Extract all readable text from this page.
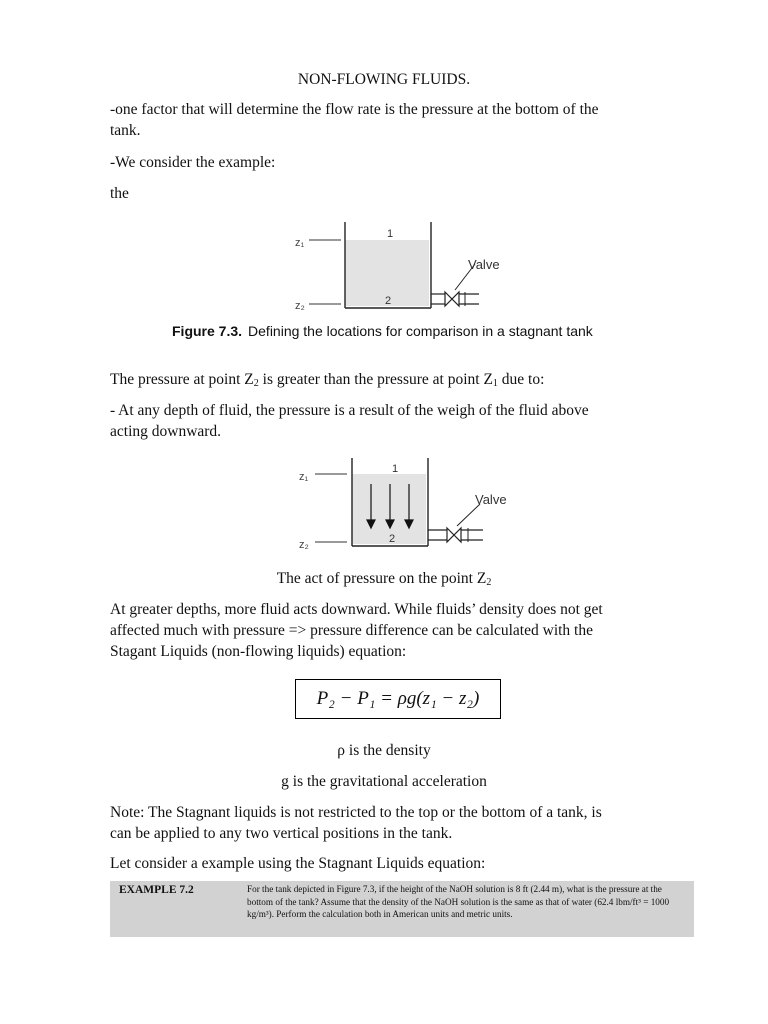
NON-FLOWING FLUIDS.
-one factor that will determine the flow rate is the pressure at the bottom of the
tank.
-We consider the example:
the
z₁
z₂
1
2
Valve
Figure 7.3. Defining the locations for comparison in a stagnant tank
The pressure at point $Z_2$ is greater than the pressure at point $Z_1$ due to:
- At any depth of fluid, the pressure is a result of the weigh of the fluid above
acting downward.
z₁
z₂
1
2
Valve
The act of pressure on the point $Z_2$
At greater depths, more fluid acts downward. While fluids’ density does not get
affected much with pressure => pressure difference can be calculated with the
Stagant Liquids (non-flowing liquids) equation:
P₂ − P₁ = ρg(z₁ − z₂)
ρ is the density
g is the gravitational acceleration
Note: The Stagnant liquids is not restricted to the top or the bottom of a tank, is
can be applied to any two vertical positions in the tank.
Let consider a example using the Stagnant Liquids equation:
EXAMPLE 7.2	For the tank depicted in Figure 7.3, if the height of the NaOH solution is 8 ft (2.44 m), what is the pressure at the bottom of the tank? Assume that the density of the NaOH solution is the same as that of water (62.4 lbm/ft³ = 1000 kg/m³). Perform the calculation both in American units and metric units.
